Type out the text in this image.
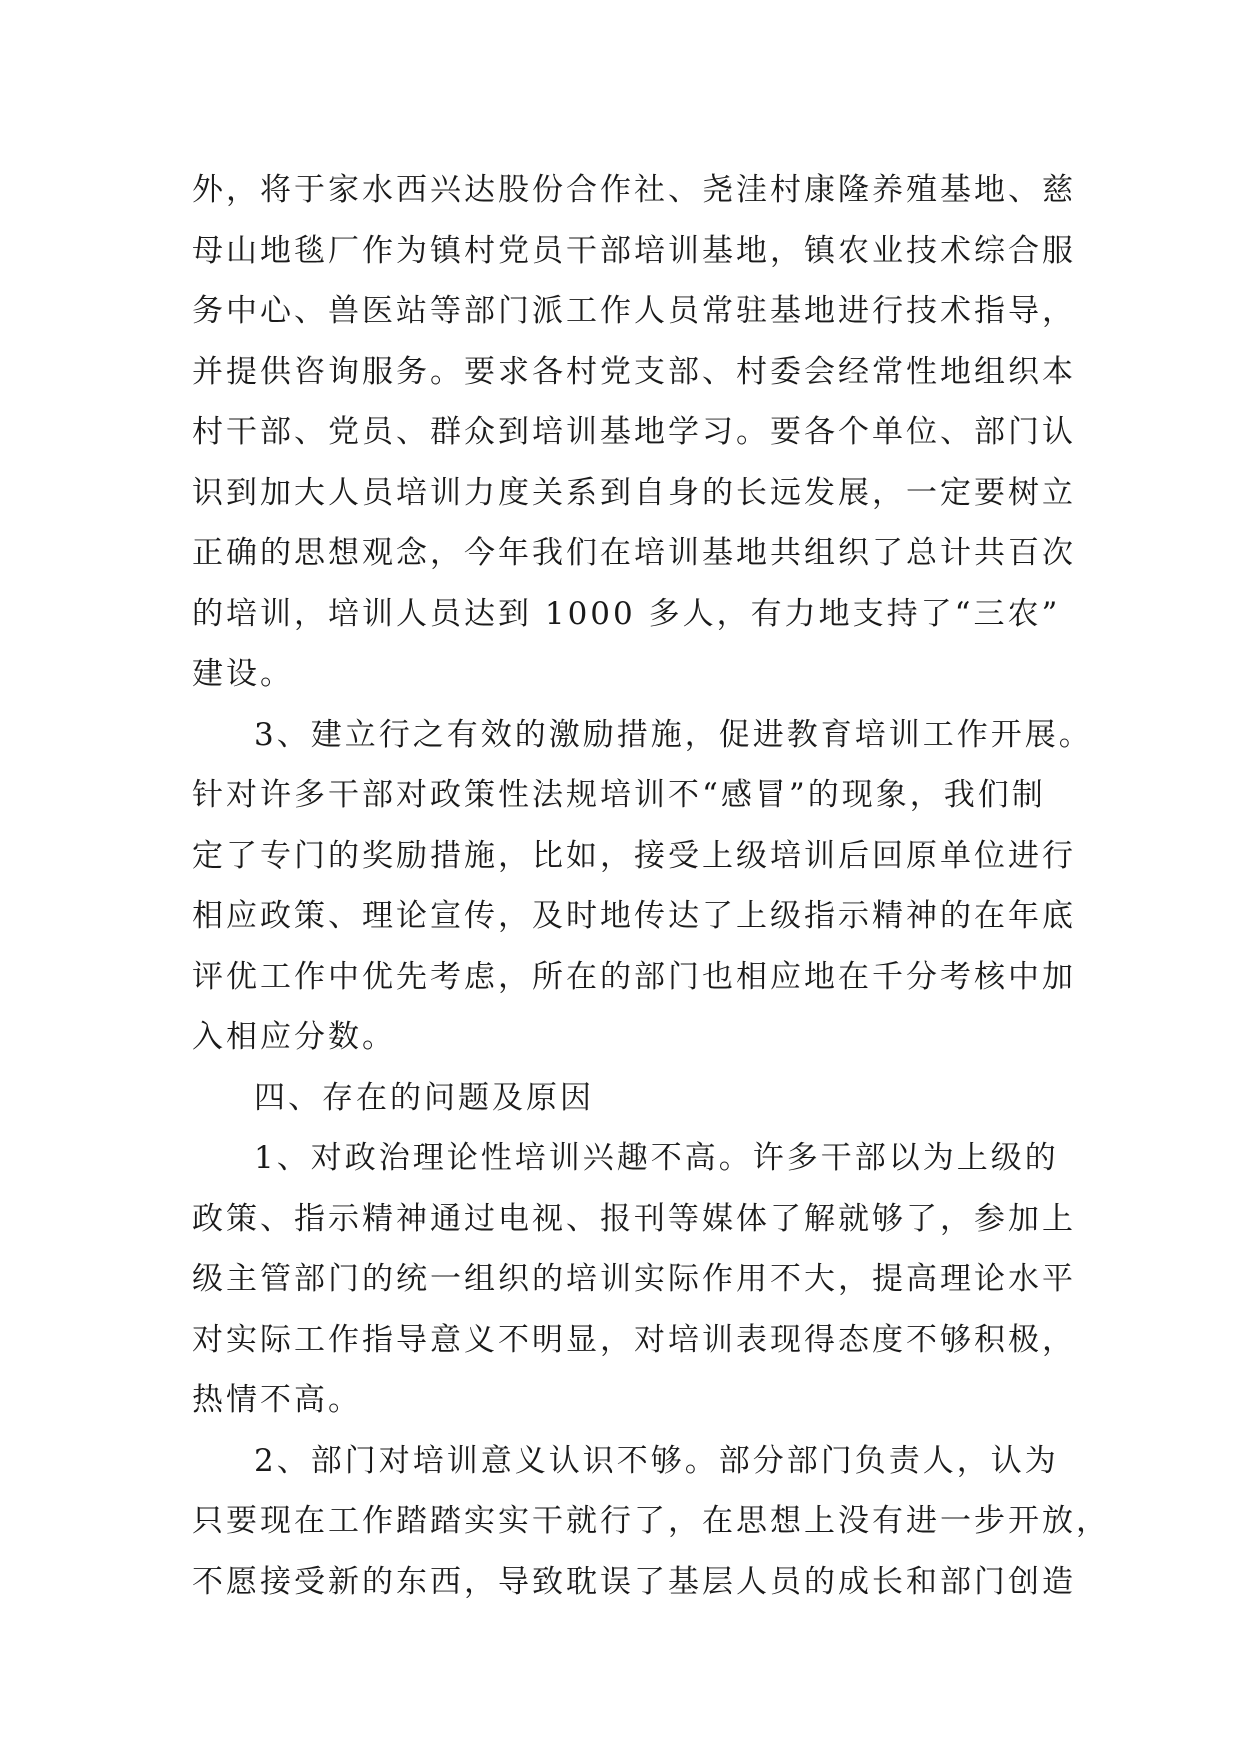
外，将于家水西兴达股份合作社、尧洼村康隆养殖基地、慈
母山地毯厂作为镇村党员干部培训基地，镇农业技术综合服
务中心、兽医站等部门派工作人员常驻基地进行技术指导，
并提供咨询服务。要求各村党支部、村委会经常性地组织本
村干部、党员、群众到培训基地学习。要各个单位、部门认
识到加大人员培训力度关系到自身的长远发展，一定要树立
正确的思想观念，今年我们在培训基地共组织了总计共百次
的培训，培训人员达到 1000 多人，有力地支持了“三农”
建设。
3、建立行之有效的激励措施，促进教育培训工作开展。
针对许多干部对政策性法规培训不“感冒”的现象，我们制
定了专门的奖励措施，比如，接受上级培训后回原单位进行
相应政策、理论宣传，及时地传达了上级指示精神的在年底
评优工作中优先考虑，所在的部门也相应地在千分考核中加
入相应分数。
四、存在的问题及原因
1、对政治理论性培训兴趣不高。许多干部以为上级的
政策、指示精神通过电视、报刊等媒体了解就够了，参加上
级主管部门的统一组织的培训实际作用不大，提高理论水平
对实际工作指导意义不明显，对培训表现得态度不够积极，
热情不高。
2、部门对培训意义认识不够。部分部门负责人，认为
只要现在工作踏踏实实干就行了，在思想上没有进一步开放，
不愿接受新的东西，导致耽误了基层人员的成长和部门创造
